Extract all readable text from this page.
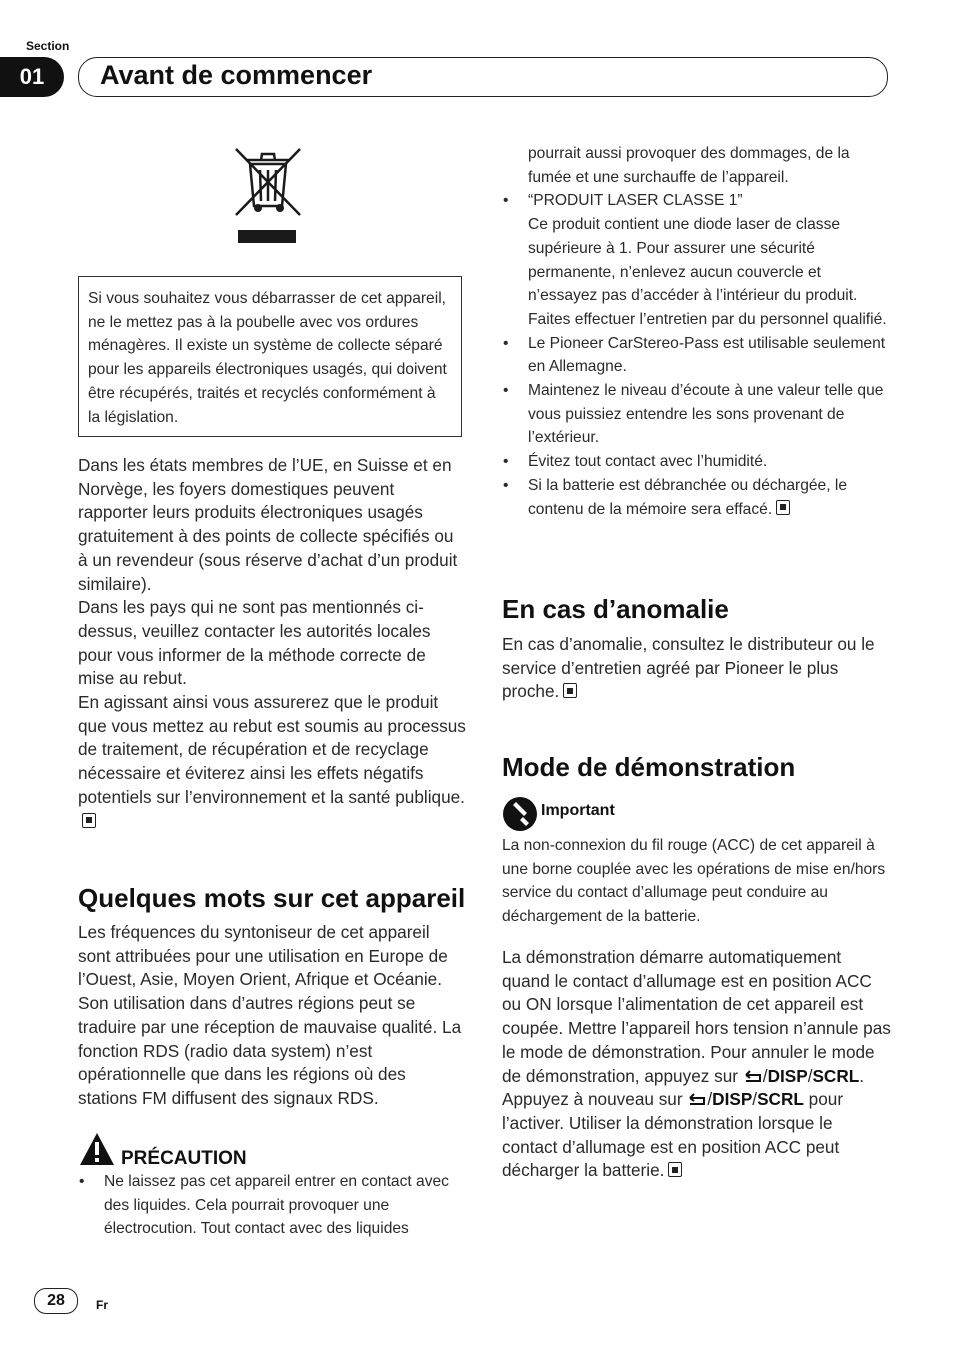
Section
01	Avant de commencer

Si vous souhaitez vous débarrasser de cet appareil, ne le mettez pas à la poubelle avec vos ordures ménagères. Il existe un système de collecte séparé pour les appareils électroniques usagés, qui doivent être récupérés, traités et recyclés conformément à la législation.

Dans les états membres de l’UE, en Suisse et en Norvège, les foyers domestiques peuvent rapporter leurs produits électroniques usagés gratuitement à des points de collecte spécifiés ou à un revendeur (sous réserve d’achat d’un produit similaire).

Dans les pays qui ne sont pas mentionnés ci-dessus, veuillez contacter les autorités locales pour vous informer de la méthode correcte de mise au rebut.

En agissant ainsi vous assurerez que le produit que vous mettez au rebut est soumis au processus de traitement, de récupération et de recyclage nécessaire et éviterez ainsi les effets négatifs potentiels sur l’environnement et la santé publique.

Quelques mots sur cet appareil

Les fréquences du syntoniseur de cet appareil sont attribuées pour une utilisation en Europe de l’Ouest, Asie, Moyen Orient, Afrique et Océanie. Son utilisation dans d’autres régions peut se traduire par une réception de mauvaise qualité. La fonction RDS (radio data system) n’est opérationnelle que dans les régions où des stations FM diffusent des signaux RDS.

PRÉCAUTION
• Ne laissez pas cet appareil entrer en contact avec des liquides. Cela pourrait provoquer une électrocution. Tout contact avec des liquides
pourrait aussi provoquer des dommages, de la fumée et une surchauffe de l’appareil.
• “PRODUIT LASER CLASSE 1”
Ce produit contient une diode laser de classe supérieure à 1. Pour assurer une sécurité permanente, n’enlevez aucun couvercle et n’essayez pas d’accéder à l’intérieur du produit. Faites effectuer l’entretien par du personnel qualifié.
• Le Pioneer CarStereo-Pass est utilisable seulement en Allemagne.
• Maintenez le niveau d’écoute à une valeur telle que vous puissiez entendre les sons provenant de l’extérieur.
• Évitez tout contact avec l’humidité.
• Si la batterie est débranchée ou déchargée, le contenu de la mémoire sera effacé.
En cas d’anomalie

En cas d’anomalie, consultez le distributeur ou le service d’entretien agréé par Pioneer le plus proche.

Mode de démonstration
Important
La non-connexion du fil rouge (ACC) de cet appareil à une borne couplée avec les opérations de mise en/hors service du contact d’allumage peut conduire au déchargement de la batterie.

La démonstration démarre automatiquement quand le contact d’allumage est en position ACC ou ON lorsque l’alimentation de cet appareil est coupée. Mettre l’appareil hors tension n’annule pas le mode de démonstration. Pour annuler le mode de démonstration, appuyez sur /DISP/SCRL. Appuyez à nouveau sur /DISP/SCRL pour l’activer. Utiliser la démonstration lorsque le contact d’allumage est en position ACC peut décharger la batterie.

28	Fr
